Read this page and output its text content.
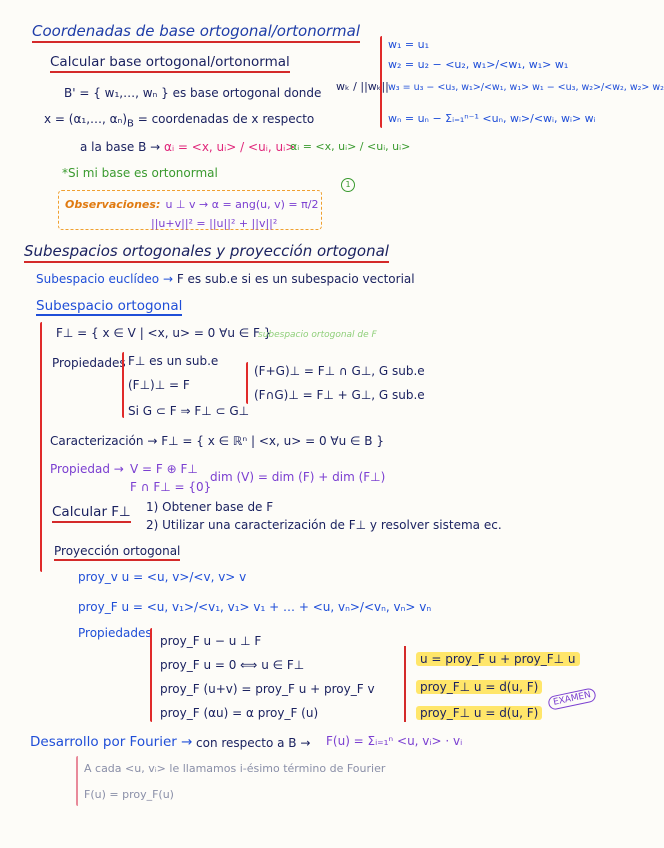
Coordenadas de base ortogonal/ortonormal
Calcular base ortogonal/ortonormal
B' = { w₁,…, wₙ } es base ortogonal donde wₖ / ||wₖ||
x = (α₁,…, $\alpha_n)_B$ = coordenadas de x respecto
a la base B → αᵢ = <x, uᵢ> / <uᵢ, uᵢ>
αᵢ = <x, uᵢ> / <uᵢ, uᵢ>
1
*Si mi base es ortonormal
Observaciones: u ⊥ v → α = ang(u, v) = π/2
||u+v||² = ||u||² + ||v||²
w₁ = u₁
w₂ = u₂ − <u₂, w₁>/<w₁, w₁> w₁
w₃ = u₃ − <u₃, w₁>/<w₁, w₁> w₁ − <u₃, w₂>/<w₂, w₂> w₂
wₙ = uₙ − Σᵢ₌₁ⁿ⁻¹ <uₙ, wᵢ>/<wᵢ, wᵢ> wᵢ
Subespacios ortogonales y proyección ortogonal
Subespacio euclídeo → F es sub.e si es un subespacio vectorial
Subespacio ortogonal
F⊥ = { x ∈ V | <x, u> = 0 ∀u ∈ F }
subespacio ortogonal de F
Propiedades F⊥ es un sub.e
(F⊥)⊥ = F
Si G ⊂ F ⇒ F⊥ ⊂ G⊥
(F+G)⊥ = F⊥ ∩ G⊥, G sub.e
(F∩G)⊥ = F⊥ + G⊥, G sub.e
Caracterización → F⊥ = { x ∈ ℝⁿ | <x, u> = 0 ∀u ∈ B }
Propiedad → V = F ⊕ F⊥
F ∩ F⊥ = {0}
dim (V) = dim (F) + dim (F⊥)
Calcular F⊥ 1) Obtener base de F
2) Utilizar una caracterización de F⊥ y resolver sistema ec.
Proyección ortogonal
proy_v u = <u, v>/<v, v> v
proy_F u = <u, v₁>/<v₁, v₁> v₁ + … + <u, vₙ>/<vₙ, vₙ> vₙ
Propiedades
proy_F u − u ⊥ F
proy_F u = 0 ⟺ u ∈ F⊥
proy_F (u+v) = proy_F u + proy_F v
proy_F (αu) = α proy_F (u)
u = proy_F u + proy_F⊥ u
proy_F⊥ u = d(u, F)
proy_F⊥ u = d(u, F)
EXAMEN
Desarrollo por Fourier → con respecto a B → F(u) = Σᵢ₌₁ⁿ <u, vᵢ> · vᵢ
A cada <u, vᵢ> le llamamos i-ésimo término de Fourier
F(u) = proy_F(u)
